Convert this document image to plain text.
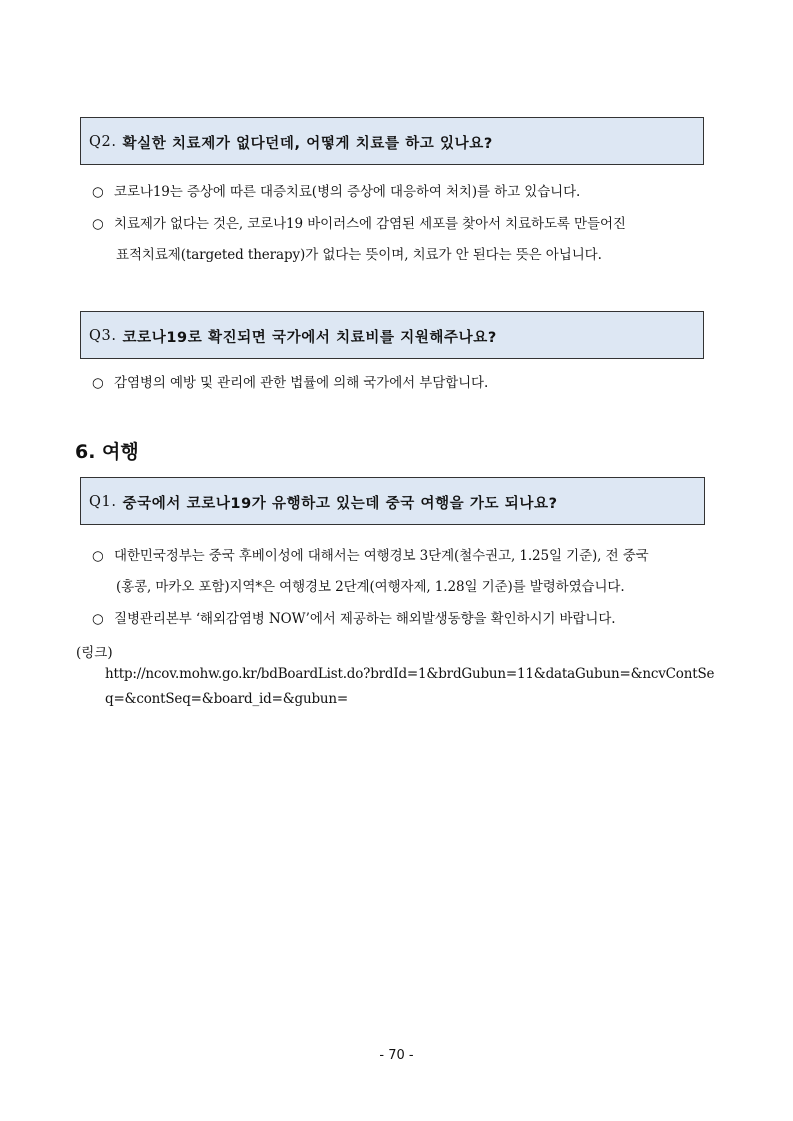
Q2. 확실한 치료제가 없다던데, 어떻게 치료를 하고 있나요?
○ 코로나19는 증상에 따른 대증치료(병의 증상에 대응하여 처치)를 하고 있습니다.
○ 치료제가 없다는 것은, 코로나19 바이러스에 감염된 세포를 찾아서 치료하도록 만들어진
표적치료제(targeted therapy)가 없다는 뜻이며, 치료가 안 된다는 뜻은 아닙니다.
Q3. 코로나19로 확진되면 국가에서 치료비를 지원해주나요?
○ 감염병의 예방 및 관리에 관한 법률에 의해 국가에서 부담합니다.
6. 여행
Q1. 중국에서 코로나19가 유행하고 있는데 중국 여행을 가도 되나요?
○ 대한민국정부는 중국 후베이성에 대해서는 여행경보 3단계(철수권고, 1.25일 기준), 전 중국
(홍콩, 마카오 포함)지역*은 여행경보 2단계(여행자제, 1.28일 기준)를 발령하였습니다.
○ 질병관리본부 ‘해외감염병 NOW’에서 제공하는 해외발생동향을 확인하시기 바랍니다.
(링크)
http://ncov.mohw.go.kr/bdBoardList.do?brdId=1&brdGubun=11&dataGubun=&ncvContSe
q=&contSeq=&board_id=&gubun=
- 70 -
